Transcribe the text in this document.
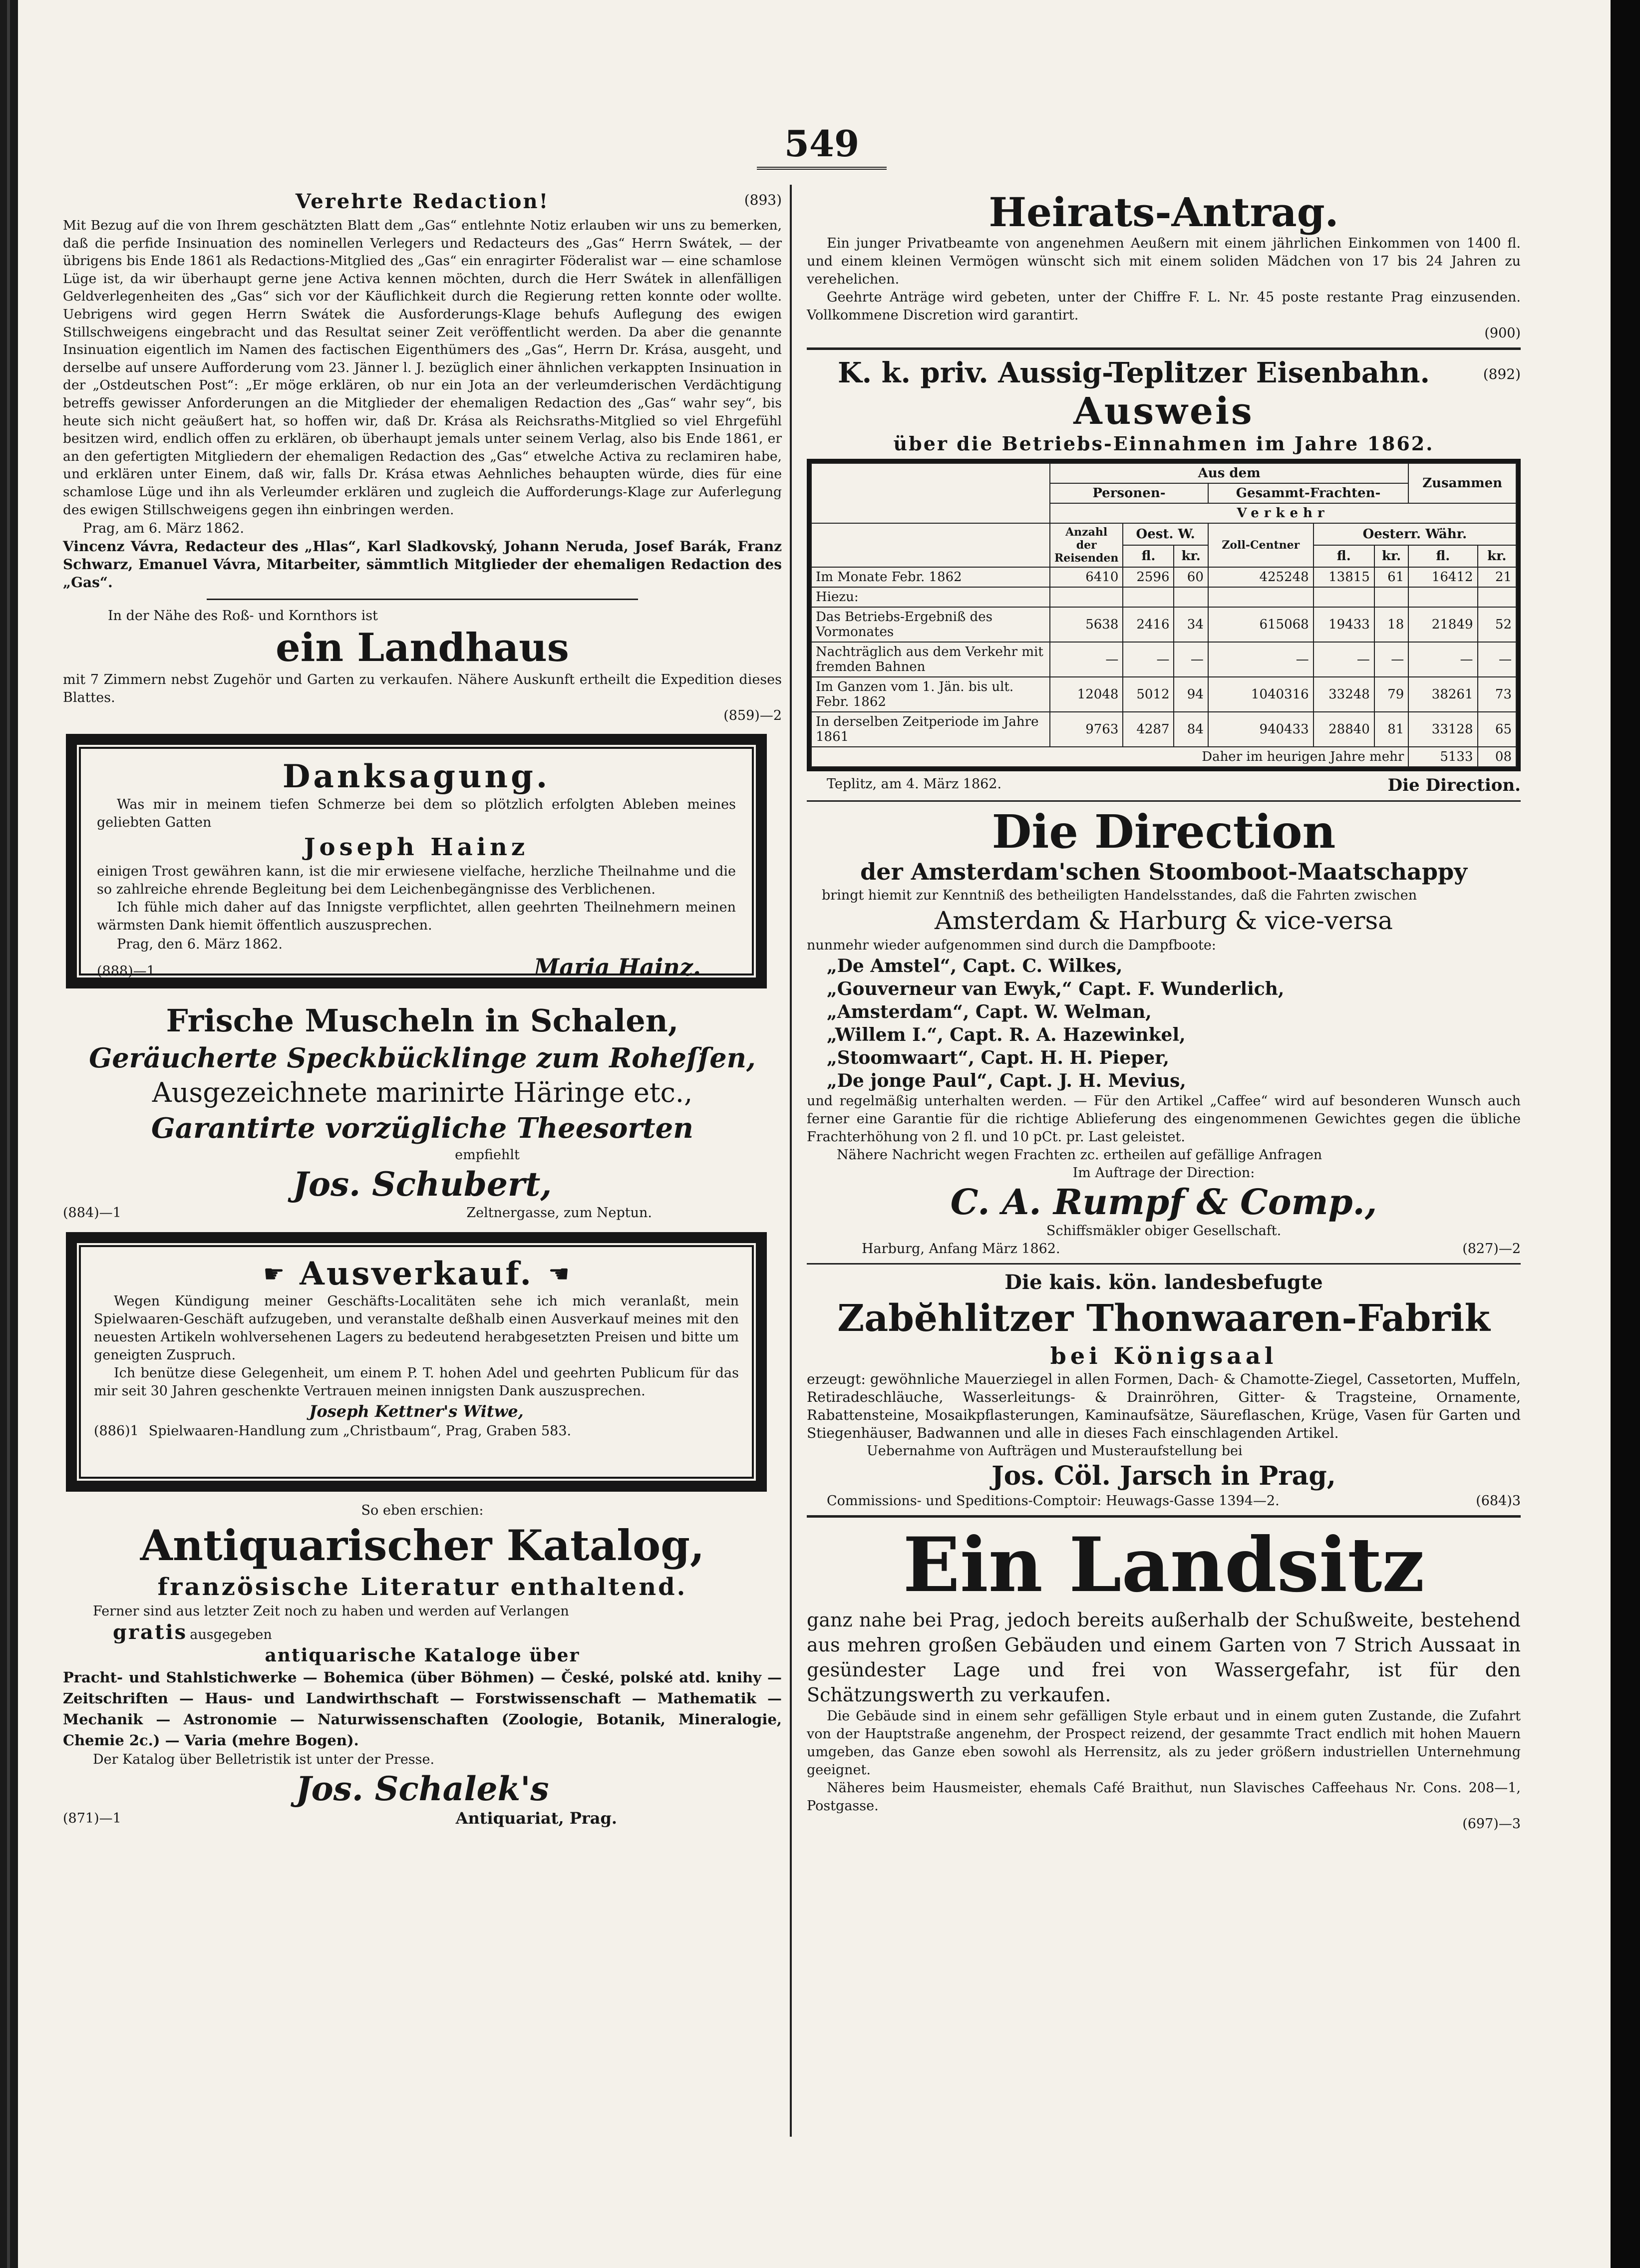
549
Verehrte Redaction!	(893)
Mit Bezug auf die von Ihrem geschätzten Blatt dem „Gas“ entlehnte Notiz erlauben wir uns zu bemerken, daß die perfide Insinuation des nominellen Verlegers und Redacteurs des „Gas“ Herrn Swátek, — der übrigens bis Ende 1861 als Redactions-Mitglied des „Gas“ ein enragirter Föderalist war — eine schamlose Lüge ist, da wir überhaupt gerne jene Activa kennen möchten, durch die Herr Swátek in allenfälligen Geldverlegenheiten des „Gas“ sich vor der Käuflichkeit durch die Regierung retten konnte oder wollte. Uebrigens wird gegen Herrn Swátek die Ausforderungs-Klage behufs Auflegung des ewigen Stillschweigens eingebracht und das Resultat seiner Zeit veröffentlicht werden. Da aber die genannte Insinuation eigentlich im Namen des factischen Eigenthümers des „Gas“, Herrn Dr. Krása, ausgeht, und derselbe auf unsere Aufforderung vom 23. Jänner l. J. bezüglich einer ähnlichen verkappten Insinuation in der „Ostdeutschen Post“: „Er möge erklären, ob nur ein Jota an der verleumderischen Verdächtigung betreffs gewisser Anforderungen an die Mitglieder der ehemaligen Redaction des „Gas“ wahr sey“, bis heute sich nicht geäußert hat, so hoffen wir, daß Dr. Krása als Reichsraths-Mitglied so viel Ehrgefühl besitzen wird, endlich offen zu erklären, ob überhaupt jemals unter seinem Verlag, also bis Ende 1861, er an den gefertigten Mitgliedern der ehemaligen Redaction des „Gas“ etwelche Activa zu reclamiren habe, und erklären unter Einem, daß wir, falls Dr. Krása etwas Aehnliches behaupten würde, dies für eine schamlose Lüge und ihn als Verleumder erklären und zugleich die Aufforderungs-Klage zur Auferlegung des ewigen Stillschweigens gegen ihn einbringen werden.
Prag, am 6. März 1862.
Vincenz Vávra, Redacteur des „Hlas“, Karl Sladkovský, Johann Neruda, Josef Barák, Franz Schwarz, Emanuel Vávra, Mitarbeiter, sämmtlich Mitglieder der ehemaligen Redaction des „Gas“.
In der Nähe des Roß- und Kornthors ist
ein Landhaus
mit 7 Zimmern nebst Zugehör und Garten zu verkaufen. Nähere Auskunft ertheilt die Expedition dieses Blattes.
(859)—2
Danksagung.
Was mir in meinem tiefen Schmerze bei dem so plötzlich erfolgten Ableben meines geliebten Gatten
Joseph Hainz
einigen Trost gewähren kann, ist die mir erwiesene vielfache, herzliche Theilnahme und die so zahlreiche ehrende Begleitung bei dem Leichenbegängnisse des Verblichenen.
Ich fühle mich daher auf das Innigste verpflichtet, allen geehrten Theilnehmern meinen wärmsten Dank hiemit öffentlich auszusprechen.
Prag, den 6. März 1862.
(888)—1	Maria Hainz.
Frische Muscheln in Schalen,
Geräucherte Speckbücklinge zum Roheſſen,
Ausgezeichnete marinirte Häringe etc.,
Garantirte vorzügliche Theesorten
empfiehlt
Jos. Schubert,
(884)—1	Zeltnergasse, zum Neptun.
☛ Ausverkauf. ☚
Wegen Kündigung meiner Geschäfts-Localitäten sehe ich mich veranlaßt, mein Spielwaaren-Geschäft aufzugeben, und veranstalte deßhalb einen Ausverkauf meines mit den neuesten Artikeln wohlversehenen Lagers zu bedeutend herabgesetzten Preisen und bitte um geneigten Zuspruch.
Ich benütze diese Gelegenheit, um einem P. T. hohen Adel und geehrten Publicum für das mir seit 30 Jahren geschenkte Vertrauen meinen innigsten Dank auszusprechen.
Joseph Kettner's Witwe,
(886)1 Spielwaaren-Handlung zum „Christbaum“, Prag, Graben 583.
So eben erschien:
Antiquarischer Katalog,
französische Literatur enthaltend.
Ferner sind aus letzter Zeit noch zu haben und werden auf Verlangen
gratis ausgegeben
antiquarische Kataloge über
Pracht- und Stahlstichwerke — Bohemica (über Böhmen) — České, polské atd. knihy — Zeitschriften — Haus- und Landwirthschaft — Forstwissenschaft — Mathematik — Mechanik — Astronomie — Naturwissenschaften (Zoologie, Botanik, Mineralogie, Chemie 2c.) — Varia (mehre Bogen).
Der Katalog über Belletristik ist unter der Presse.
Jos. Schalek's
(871)—1	Antiquariat, Prag.
Heirats-Antrag.
Ein junger Privatbeamte von angenehmen Aeußern mit einem jährlichen Einkommen von 1400 fl. und einem kleinen Vermögen wünscht sich mit einem soliden Mädchen von 17 bis 24 Jahren zu verehelichen.
Geehrte Anträge wird gebeten, unter der Chiffre F. L. Nr. 45 poste restante Prag einzusenden. Vollkommene Discretion wird garantirt.
(900)
K. k. priv. Aussig-Teplitzer Eisenbahn.	(892)
Ausweis
über die Betriebs-Einnahmen im Jahre 1862.
	Aus dem						Zusammen	
	Personen-			Gesammt-Frachten-				
	Verkehr							
	Anzahl der Reisenden	Oest. W.		Zoll-Centner	Oesterr. Währ.			
		fl.	kr.		fl.	kr.	fl.	kr.
Im Monate Febr. 1862	6410	2596	60	425248	13815	61	16412	21
Hiezu:								
Das Betriebs-Ergebniß des Vormonates	5638	2416	34	615068	19433	18	21849	52
Nachträglich aus dem Verkehr mit fremden Bahnen	—	—	—	—	—	—	—	—
Im Ganzen vom 1. Jän. bis ult. Febr. 1862	12048	5012	94	1040316	33248	79	38261	73
In derselben Zeitperiode im Jahre 1861	9763	4287	84	940433	28840	81	33128	65
Daher im heurigen Jahre mehr							5133	08
Teplitz, am 4. März 1862.	Die Direction.
Die Direction
der Amsterdam'schen Stoomboot-Maatschappy
bringt hiemit zur Kenntniß des betheiligten Handelsstandes, daß die Fahrten zwischen
Amsterdam & Harburg & vice-versa
nunmehr wieder aufgenommen sind durch die Dampfboote:
„De Amstel“, Capt. C. Wilkes,
„Gouverneur van Ewyk,“ Capt. F. Wunderlich,
„Amsterdam“, Capt. W. Welman,
„Willem I.“, Capt. R. A. Hazewinkel,
„Stoomwaart“, Capt. H. H. Pieper,
„De jonge Paul“, Capt. J. H. Mevius,
und regelmäßig unterhalten werden. — Für den Artikel „Caffee“ wird auf besonderen Wunsch auch ferner eine Garantie für die richtige Ablieferung des eingenommenen Gewichtes gegen die übliche Frachterhöhung von 2 fl. und 10 pCt. pr. Last geleistet.
Nähere Nachricht wegen Frachten zc. ertheilen auf gefällige Anfragen
Im Auftrage der Direction:
C. A. Rumpf & Comp.,
Schiffsmäkler obiger Gesellschaft.
Harburg, Anfang März 1862.	(827)—2
Die kais. kön. landesbefugte
Zabĕhlitzer Thonwaaren-Fabrik
bei Königsaal
erzeugt: gewöhnliche Mauerziegel in allen Formen, Dach- & Chamotte-Ziegel, Cassetorten, Muffeln, Retiradeschläuche, Wasserleitungs- & Drainröhren, Gitter- & Tragsteine, Ornamente, Rabattensteine, Mosaikpflasterungen, Kaminaufsätze, Säureflaschen, Krüge, Vasen für Garten und Stiegenhäuser, Badwannen und alle in dieses Fach einschlagenden Artikel.
Uebernahme von Aufträgen und Musteraufstellung bei
Jos. Cöl. Jarsch in Prag,
Commissions- und Speditions-Comptoir: Heuwags-Gasse 1394—2.	(684)3
Ein Landsitz
ganz nahe bei Prag, jedoch bereits außerhalb der Schußweite, bestehend aus mehren großen Gebäuden und einem Garten von 7 Strich Aussaat in gesündester Lage und frei von Wassergefahr, ist für den Schätzungswerth zu verkaufen.
Die Gebäude sind in einem sehr gefälligen Style erbaut und in einem guten Zustande, die Zufahrt von der Hauptstraße angenehm, der Prospect reizend, der gesammte Tract endlich mit hohen Mauern umgeben, das Ganze eben sowohl als Herrensitz, als zu jeder größern industriellen Unternehmung geeignet.
Näheres beim Hausmeister, ehemals Café Braithut, nun Slavisches Caffeehaus Nr. Cons. 208—1, Postgasse.
(697)—3
